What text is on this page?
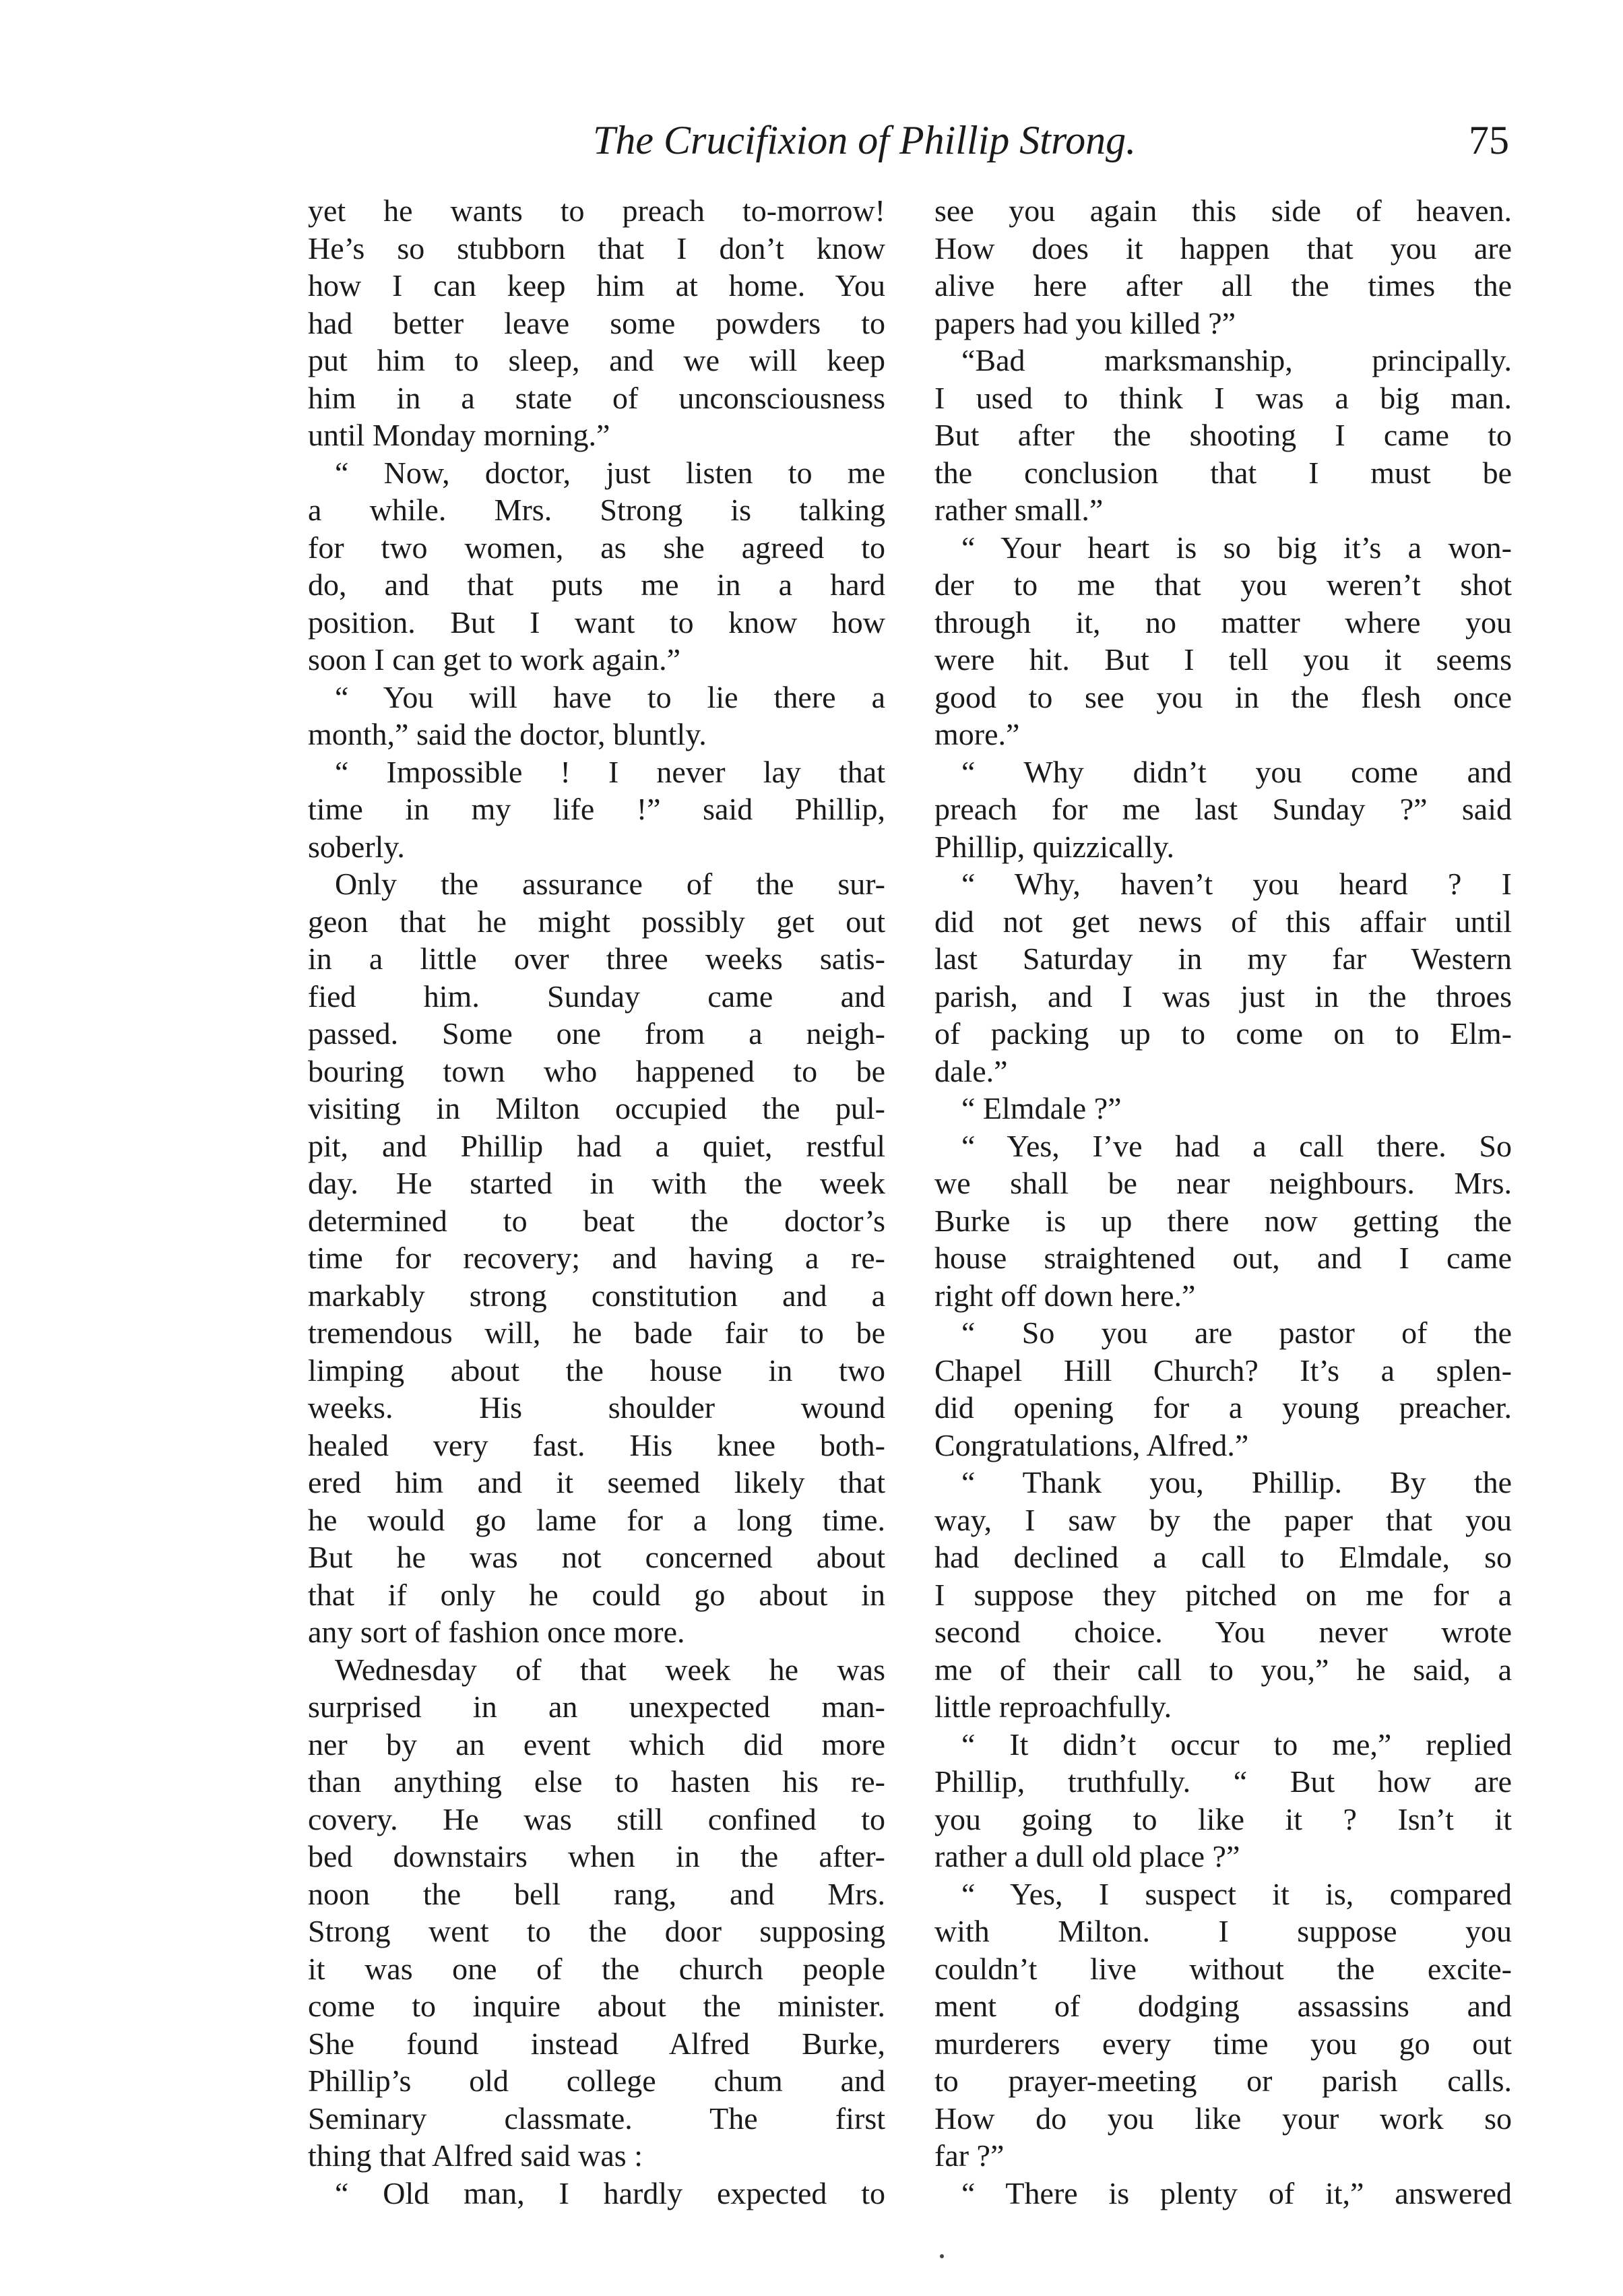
The Crucifixion of Phillip Strong.	75
yet he wants to preach to-morrow!
He’s so stubborn that I don’t know
how I can keep him at home. You
had better leave some powders to
put him to sleep, and we will keep
him in a state of unconsciousness
until Monday morning.”
“ Now, doctor, just listen to me
a while. Mrs. Strong is talking
for two women, as she agreed to
do, and that puts me in a hard
position. But I want to know how
soon I can get to work again.”
“ You will have to lie there a
month,” said the doctor, bluntly.
“ Impossible ! I never lay that
time in my life !” said Phillip,
soberly.
Only the assurance of the sur-
geon that he might possibly get out
in a little over three weeks satis-
fied him. Sunday came and
passed. Some one from a neigh-
bouring town who happened to be
visiting in Milton occupied the pul-
pit, and Phillip had a quiet, restful
day. He started in with the week
determined to beat the doctor’s
time for recovery; and having a re-
markably strong constitution and a
tremendous will, he bade fair to be
limping about the house in two
weeks. His shoulder wound
healed very fast. His knee both-
ered him and it seemed likely that
he would go lame for a long time.
But he was not concerned about
that if only he could go about in
any sort of fashion once more.
Wednesday of that week he was
surprised in an unexpected man-
ner by an event which did more
than anything else to hasten his re-
covery. He was still confined to
bed downstairs when in the after-
noon the bell rang, and Mrs.
Strong went to the door supposing
it was one of the church people
come to inquire about the minister.
She found instead Alfred Burke,
Phillip’s old college chum and
Seminary classmate. The first
thing that Alfred said was :
“ Old man, I hardly expected to
see you again this side of heaven.
How does it happen that you are
alive here after all the times the
papers had you killed ?”
“Bad marksmanship, principally.
I used to think I was a big man.
But after the shooting I came to
the conclusion that I must be
rather small.”
“ Your heart is so big it’s a won-
der to me that you weren’t shot
through it, no matter where you
were hit. But I tell you it seems
good to see you in the flesh once
more.”
“ Why didn’t you come and
preach for me last Sunday ?” said
Phillip, quizzically.
“ Why, haven’t you heard ? I
did not get news of this affair until
last Saturday in my far Western
parish, and I was just in the throes
of packing up to come on to Elm-
dale.”
“ Elmdale ?”
“ Yes, I’ve had a call there. So
we shall be near neighbours. Mrs.
Burke is up there now getting the
house straightened out, and I came
right off down here.”
“ So you are pastor of the
Chapel Hill Church? It’s a splen-
did opening for a young preacher.
Congratulations, Alfred.”
“ Thank you, Phillip. By the
way, I saw by the paper that you
had declined a call to Elmdale, so
I suppose they pitched on me for a
second choice. You never wrote
me of their call to you,” he said, a
little reproachfully.
“ It didn’t occur to me,” replied
Phillip, truthfully. “ But how are
you going to like it ? Isn’t it
rather a dull old place ?”
“ Yes, I suspect it is, compared
with Milton. I suppose you
couldn’t live without the excite-
ment of dodging assassins and
murderers every time you go out
to prayer-meeting or parish calls.
How do you like your work so
far ?”
“ There is plenty of it,” answered
